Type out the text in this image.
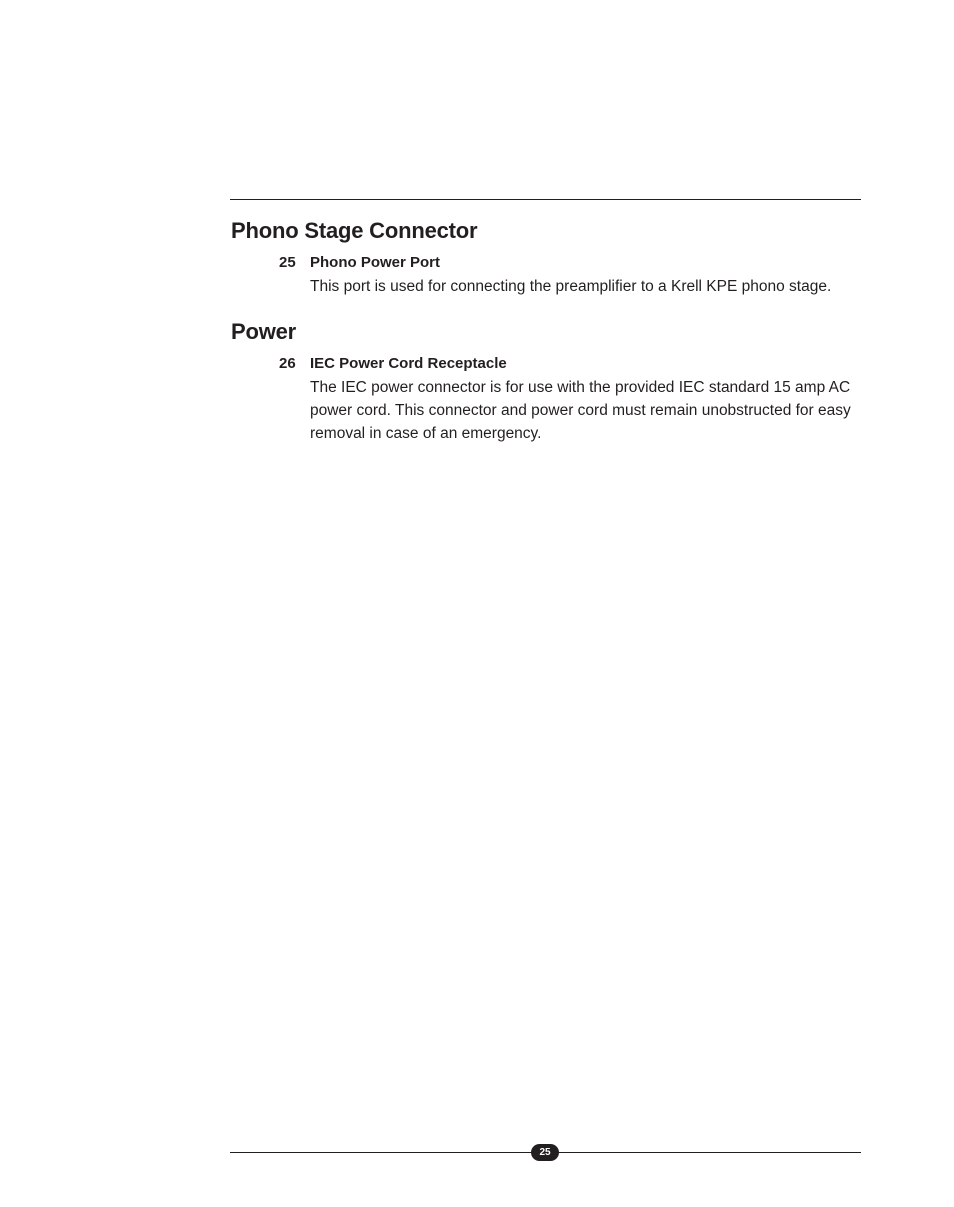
Phono Stage Connector
25 Phono Power Port
This port is used for connecting the preamplifier to a Krell KPE phono stage.
Power
26 IEC Power Cord Receptacle
The IEC power connector is for use with the provided IEC standard 15 amp AC power cord. This connector and power cord must remain unobstructed for easy  removal in case of an emergency.
25
